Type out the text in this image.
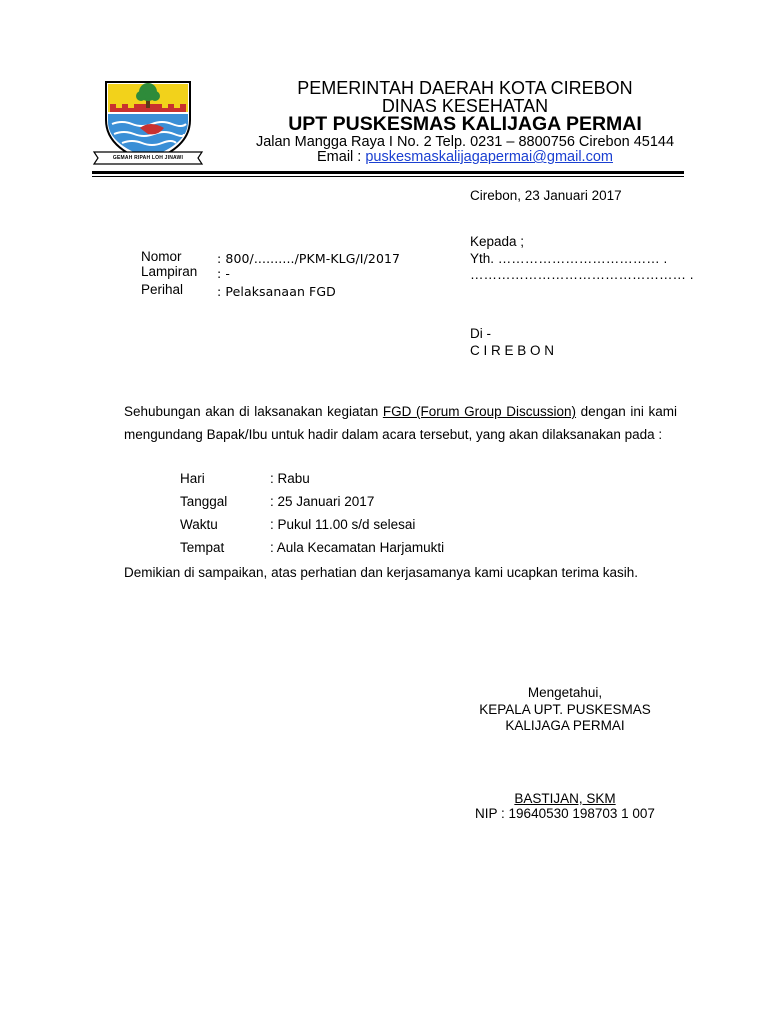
GEMAH RIPAH LOH JINAWI
PEMERINTAH DAERAH KOTA CIREBON
DINAS KESEHATAN
UPT PUSKESMAS KALIJAGA PERMAI
Jalan Mangga Raya I No. 2 Telp. 0231 – 8800756 Cirebon 45144
Email : puskesmaskalijagapermai@gmail.com
Cirebon, 23 Januari 2017
Kepada ;
Yth. ……………………………… .
………………………………………… .
Di -
C I R E B O N
Nomor	: 800/........../PKM-KLG/I/2017
Lampiran : -
Perihal	: Pelaksanaan FGD
Sehubungan akan di laksanakan kegiatan FGD (Forum Group Discussion) dengan ini kami mengundang Bapak/Ibu untuk hadir dalam acara tersebut, yang akan dilaksanakan pada :
Hari	: Rabu
Tanggal	: 25 Januari 2017
Waktu	: Pukul 11.00 s/d selesai
Tempat	: Aula Kecamatan Harjamukti
Demikian di sampaikan, atas perhatian dan kerjasamanya kami ucapkan terima kasih.
Mengetahui,
KEPALA UPT. PUSKESMAS
KALIJAGA PERMAI
BASTIJAN, SKM
NIP : 19640530 198703 1 007
